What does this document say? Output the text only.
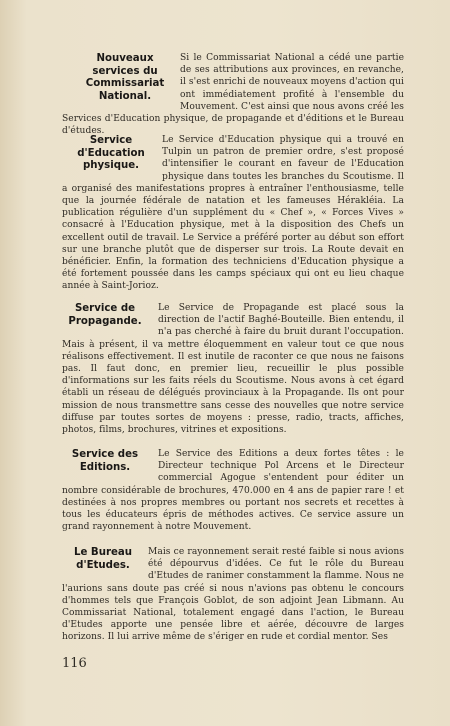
Nouveaux services du Commissariat National.

Si le Commissariat National a cédé une partie de ses attributions aux provinces, en revanche, il s'est enrichi de nouveaux moyens d'action qui ont immédiatement profité à l'ensemble du Mouvement. C'est ainsi que nous avons créé les Services d'Education physique, de propagande et d'éditions et le Bureau d'études.

Service d'Education physique.

Le Service d'Education physique qui a trouvé en Tulpin un patron de premier ordre, s'est proposé d'intensifier le courant en faveur de l'Education physique dans toutes les branches du Scoutisme. Il a organisé des manifestations propres à entraîner l'enthousiasme, telle que la journée fédérale de natation et les fameuses Hérakléia. La publication régulière d'un supplément du « Chef », « Forces Vives » consacré à l'Education physique, met à la disposition des Chefs un excellent outil de travail. Le Service a préféré porter au début son effort sur une branche plutôt que de disperser sur trois. La Route devait en bénéficier. Enfin, la formation des techniciens d'Education physique a été fortement poussée dans les camps spéciaux qui ont eu lieu chaque année à Saint-Jorioz.

Service de Propagande.

Le Service de Propagande est placé sous la direction de l'actif Baghé-Bouteille. Bien entendu, il n'a pas cherché à faire du bruit durant l'occupation. Mais à présent, il va mettre éloquemment en valeur tout ce que nous réalisons effectivement. Il est inutile de raconter ce que nous ne faisons pas. Il faut donc, en premier lieu, recueillir le plus possible d'informations sur les faits réels du Scoutisme. Nous avons à cet égard établi un réseau de délégués provinciaux à la Propagande. Ils ont pour mission de nous transmettre sans cesse des nouvelles que notre service diffuse par toutes sortes de moyens : presse, radio, tracts, affiches, photos, films, brochures, vitrines et expositions.

Service des Editions.

Le Service des Editions a deux fortes têtes : le Directeur technique Pol Arcens et le Directeur commercial Agogue s'entendent pour éditer un nombre considérable de brochures, 470.000 en 4 ans de papier rare ! et destinées à nos propres membres ou portant nos secrets et recettes à tous les éducateurs épris de méthodes actives. Ce service assure un grand rayonnement à notre Mouvement.

Le Bureau d'Etudes.

Mais ce rayonnement serait resté faible si nous avions été dépourvus d'idées. Ce fut le rôle du Bureau d'Etudes de ranimer constamment la flamme. Nous ne l'aurions sans doute pas créé si nous n'avions pas obtenu le concours d'hommes tels que François Goblot, de son adjoint Jean Libmann. Au Commissariat National, totalement engagé dans l'action, le Bureau d'Etudes apporte une pensée libre et aérée, découvre de larges horizons. Il lui arrive même de s'ériger en rude et cordial mentor. Ses

116
